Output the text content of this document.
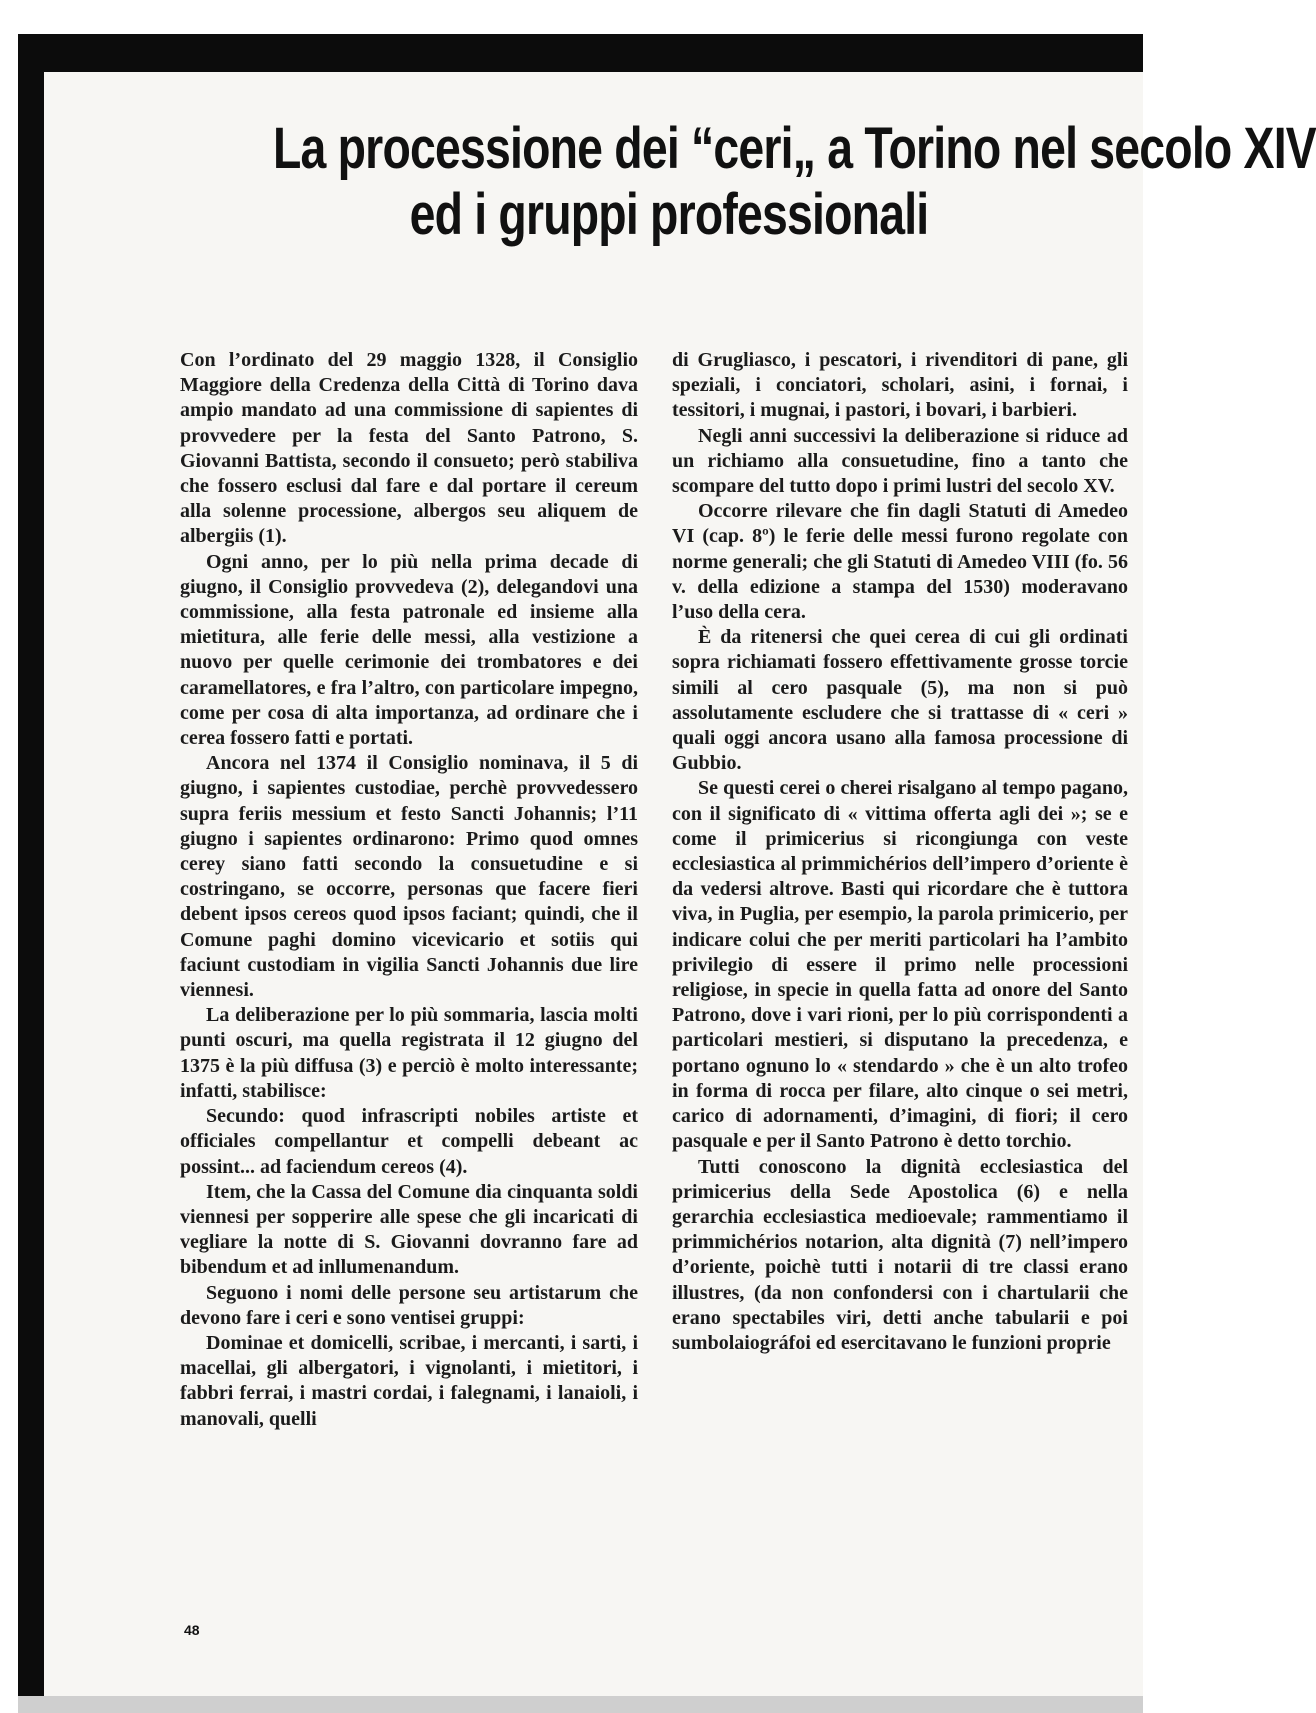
La processione dei “ceri„ a Torino nel secolo XIV
ed i gruppi professionali

Con l’ordinato del 29 maggio 1328, il Consiglio Maggiore della Credenza della Città di Torino dava ampio mandato ad una commissione di sapientes di provvedere per la festa del Santo Patrono, S. Giovanni Battista, secondo il consueto; però stabiliva che fossero esclusi dal fare e dal portare il cereum alla solenne processione, albergos seu aliquem de albergiis (1).

Ogni anno, per lo più nella prima decade di giugno, il Consiglio provvedeva (2), delegandovi una commissione, alla festa patronale ed insieme alla mietitura, alle ferie delle messi, alla vestizione a nuovo per quelle cerimonie dei trombatores e dei caramellatores, e fra l’altro, con particolare impegno, come per cosa di alta importanza, ad ordinare che i cerea fossero fatti e portati.

Ancora nel 1374 il Consiglio nominava, il 5 di giugno, i sapientes custodiae, perchè provvedessero supra feriis messium et festo Sancti Johannis; l’11 giugno i sapientes ordinarono: Primo quod omnes cerey siano fatti secondo la consuetudine e si costringano, se occorre, personas que facere fieri debent ipsos cereos quod ipsos faciant; quindi, che il Comune paghi domino vicevicario et sotiis qui faciunt custodiam in vigilia Sancti Johannis due lire viennesi.

La deliberazione per lo più sommaria, lascia molti punti oscuri, ma quella registrata il 12 giugno del 1375 è la più diffusa (3) e perciò è molto interessante; infatti, stabilisce:

Secundo: quod infrascripti nobiles artiste et officiales compellantur et compelli debeant ac possint... ad faciendum cereos (4).

Item, che la Cassa del Comune dia cinquanta soldi viennesi per sopperire alle spese che gli incaricati di vegliare la notte di S. Giovanni dovranno fare ad bibendum et ad inllumenandum.

Seguono i nomi delle persone seu artistarum che devono fare i ceri e sono ventisei gruppi:

Dominae et domicelli, scribae, i mercanti, i sarti, i macellai, gli albergatori, i vignolanti, i mietitori, i fabbri ferrai, i mastri cordai, i falegnami, i lanaioli, i manovali, quelli

di Grugliasco, i pescatori, i rivenditori di pane, gli speziali, i conciatori, scholari, asini, i fornai, i tessitori, i mugnai, i pastori, i bovari, i barbieri.

Negli anni successivi la deliberazione si riduce ad un richiamo alla consuetudine, fino a tanto che scompare del tutto dopo i primi lustri del secolo XV.

Occorre rilevare che fin dagli Statuti di Amedeo VI (cap. 8º) le ferie delle messi furono regolate con norme generali; che gli Statuti di Amedeo VIII (fo. 56 v. della edizione a stampa del 1530) moderavano l’uso della cera.

È da ritenersi che quei cerea di cui gli ordinati sopra richiamati fossero effettivamente grosse torcie simili al cero pasquale (5), ma non si può assolutamente escludere che si trattasse di « ceri » quali oggi ancora usano alla famosa processione di Gubbio.

Se questi cerei o cherei risalgano al tempo pagano, con il significato di « vittima offerta agli dei »; se e come il primicerius si ricongiunga con veste ecclesiastica al primmichérios dell’impero d’oriente è da vedersi altrove. Basti qui ricordare che è tuttora viva, in Puglia, per esempio, la parola primicerio, per indicare colui che per meriti particolari ha l’ambito privilegio di essere il primo nelle processioni religiose, in specie in quella fatta ad onore del Santo Patrono, dove i vari rioni, per lo più corrispondenti a particolari mestieri, si disputano la precedenza, e portano ognuno lo « stendardo » che è un alto trofeo in forma di rocca per filare, alto cinque o sei metri, carico di adornamenti, d’imagini, di fiori; il cero pasquale e per il Santo Patrono è detto torchio.

Tutti conoscono la dignità ecclesiastica del primicerius della Sede Apostolica (6) e nella gerarchia ecclesiastica medioevale; rammentiamo il primmichérios notarion, alta dignità (7) nell’impero d’oriente, poichè tutti i notarii di tre classi erano illustres, (da non confondersi con i chartularii che erano spectabiles viri, detti anche tabularii e poi sumbolaiográfoi ed esercitavano le funzioni proprie

48
